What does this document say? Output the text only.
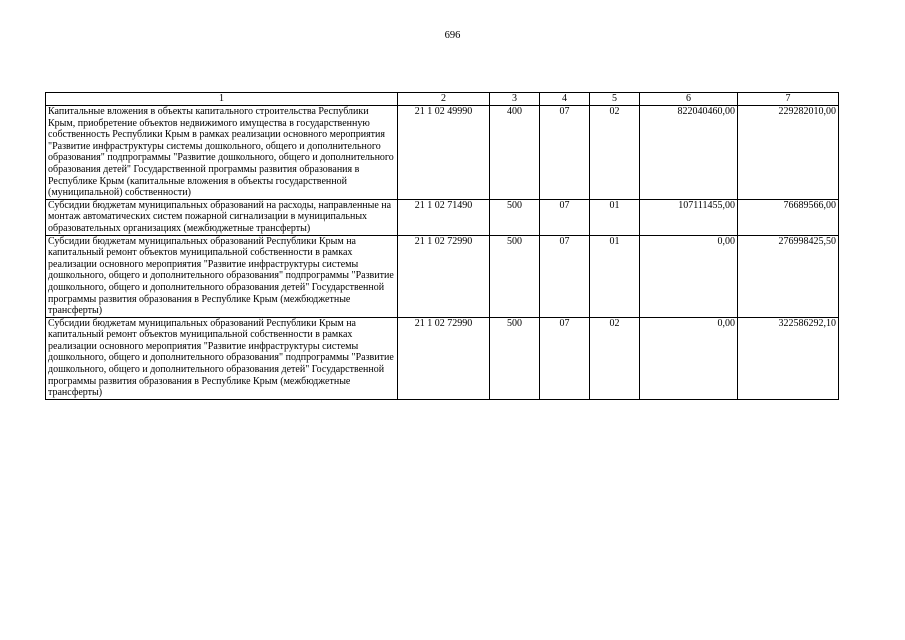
696
1	2	3	4	5	6	7
Капитальные вложения в объекты капитального строительства Республики Крым, приобретение объектов недвижимого имущества в государственную собственность Республики Крым в рамках реализации основного мероприятия "Развитие инфраструктуры системы дошкольного, общего и дополнительного образования" подпрограммы "Развитие дошкольного, общего и дополнительного образования детей" Государственной программы развития образования в Республике Крым (капитальные вложения в объекты государственной (муниципальной) собственности)	21 1 02 49990	400	07	02	822040460,00	229282010,00
Субсидии бюджетам муниципальных образований на расходы, направленные на монтаж автоматических систем пожарной сигнализации в муниципальных образовательных организациях (межбюджетные трансферты)	21 1 02 71490	500	07	01	107111455,00	76689566,00
Субсидии бюджетам муниципальных образований Республики Крым на капитальный ремонт объектов муниципальной собственности в рамках реализации основного мероприятия "Развитие инфраструктуры системы дошкольного, общего и дополнительного образования" подпрограммы "Развитие дошкольного, общего и дополнительного образования детей" Государственной программы развития образования в Республике Крым (межбюджетные трансферты)	21 1 02 72990	500	07	01	0,00	276998425,50
Субсидии бюджетам муниципальных образований Республики Крым на капитальный ремонт объектов муниципальной собственности в рамках реализации основного мероприятия "Развитие инфраструктуры системы дошкольного, общего и дополнительного образования" подпрограммы "Развитие дошкольного, общего и дополнительного образования детей" Государственной программы развития образования в Республике Крым (межбюджетные трансферты)	21 1 02 72990	500	07	02	0,00	322586292,10
